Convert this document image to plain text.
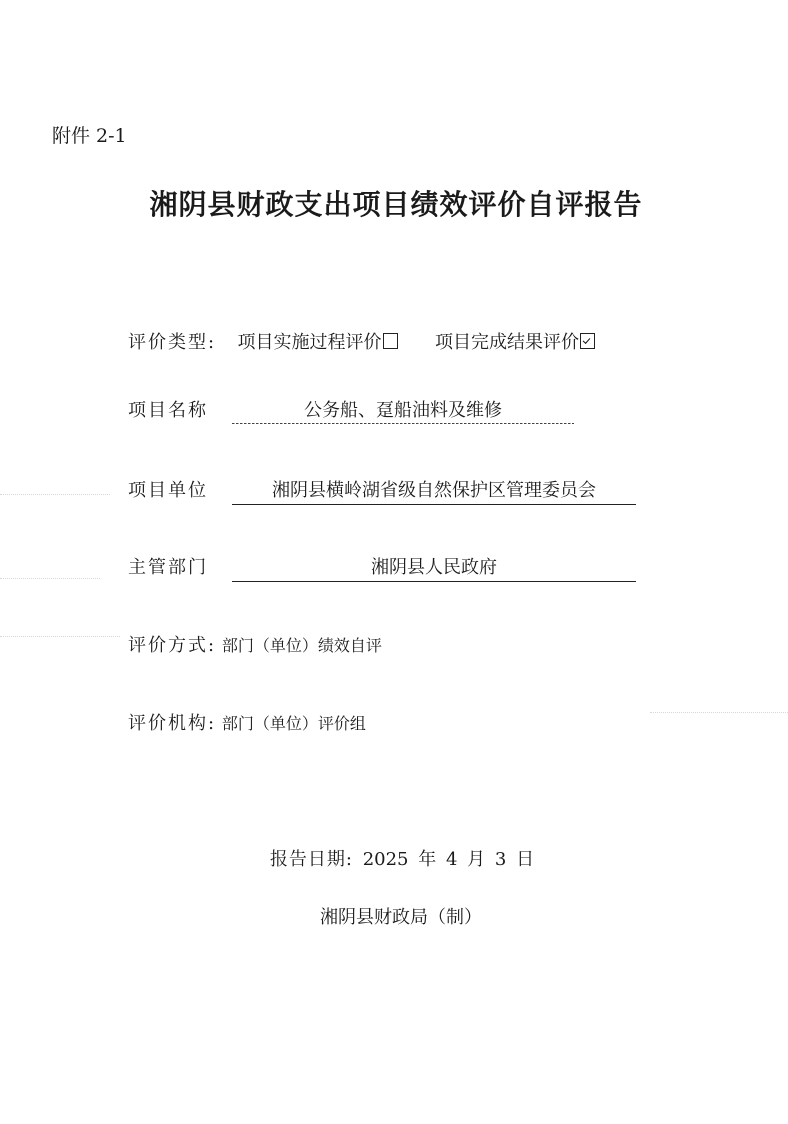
附件 2-1
湘阴县财政支出项目绩效评价自评报告
评价类型: 项目实施过程评价	项目完成结果评价
项目名称	公务船、趸船油料及维修
项目单位	湘阴县横岭湖省级自然保护区管理委员会
主管部门	湘阴县人民政府
评价方式: 部门（单位）绩效自评
评价机构: 部门（单位）评价组
报告日期: 2025 年 4 月 3 日
湘阴县财政局（制）
